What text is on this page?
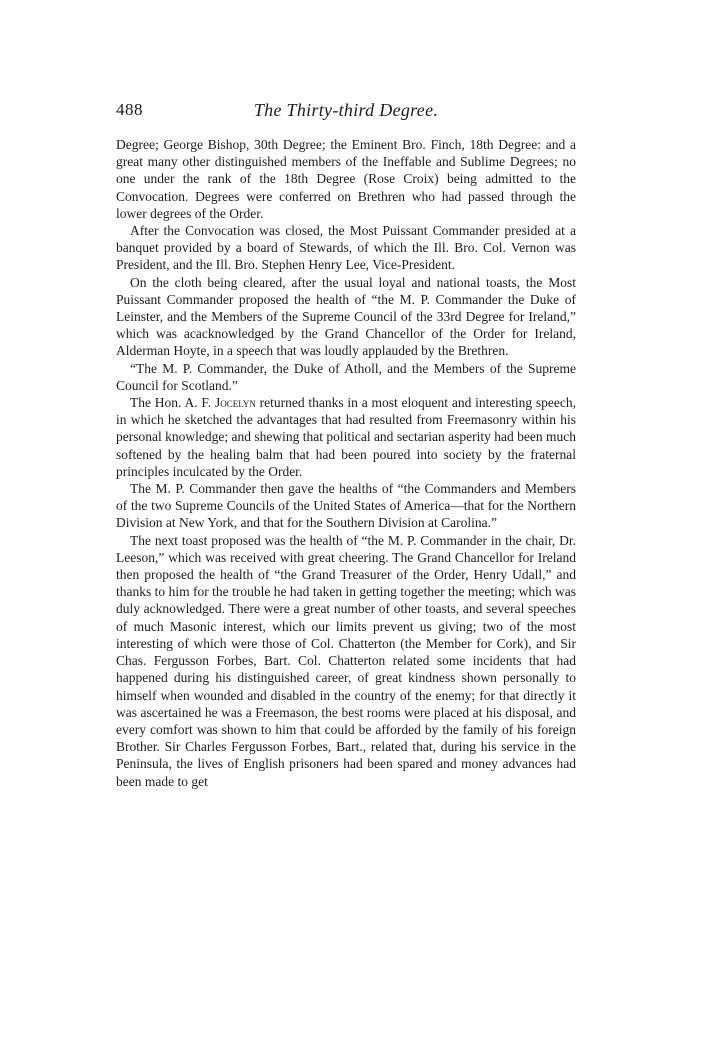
488	The Thirty-third Degree.

Degree; George Bishop, 30th Degree; the Eminent Bro. Finch, 18th Degree: and a great many other distinguished members of the Ineffable and Sublime Degrees; no one under the rank of the 18th Degree (Rose Croix) being admitted to the Convocation. Degrees were conferred on Brethren who had passed through the lower degrees of the Order.

After the Convocation was closed, the Most Puissant Commander presided at a banquet provided by a board of Stewards, of which the Ill. Bro. Col. Vernon was President, and the Ill. Bro. Stephen Henry Lee, Vice-President.

On the cloth being cleared, after the usual loyal and national toasts, the Most Puissant Commander proposed the health of “the M. P. Commander the Duke of Leinster, and the Members of the Supreme Council of the 33rd Degree for Ireland,” which was acacknowledged by the Grand Chancellor of the Order for Ireland, Alderman Hoyte, in a speech that was loudly applauded by the Brethren.

“The M. P. Commander, the Duke of Atholl, and the Members of the Supreme Council for Scotland.”

The Hon. A. F. Jocelyn returned thanks in a most eloquent and interesting speech, in which he sketched the advantages that had resulted from Freemasonry within his personal knowledge; and shewing that political and sectarian asperity had been much softened by the healing balm that had been poured into society by the fraternal principles inculcated by the Order.

The M. P. Commander then gave the healths of “the Commanders and Members of the two Supreme Councils of the United States of America—that for the Northern Division at New York, and that for the Southern Division at Carolina.”

The next toast proposed was the health of “the M. P. Commander in the chair, Dr. Leeson,” which was received with great cheering. The Grand Chancellor for Ireland then proposed the health of “the Grand Treasurer of the Order, Henry Udall,” and thanks to him for the trouble he had taken in getting together the meeting; which was duly acknowledged. There were a great number of other toasts, and several speeches of much Masonic interest, which our limits prevent us giving; two of the most interesting of which were those of Col. Chatterton (the Member for Cork), and Sir Chas. Fergusson Forbes, Bart. Col. Chatterton related some incidents that had happened during his distinguished career, of great kindness shown personally to himself when wounded and disabled in the country of the enemy; for that directly it was ascertained he was a Freemason, the best rooms were placed at his disposal, and every comfort was shown to him that could be afforded by the family of his foreign Brother. Sir Charles Fergusson Forbes, Bart., related that, during his service in the Peninsula, the lives of English prisoners had been spared and money advances had been made to get
